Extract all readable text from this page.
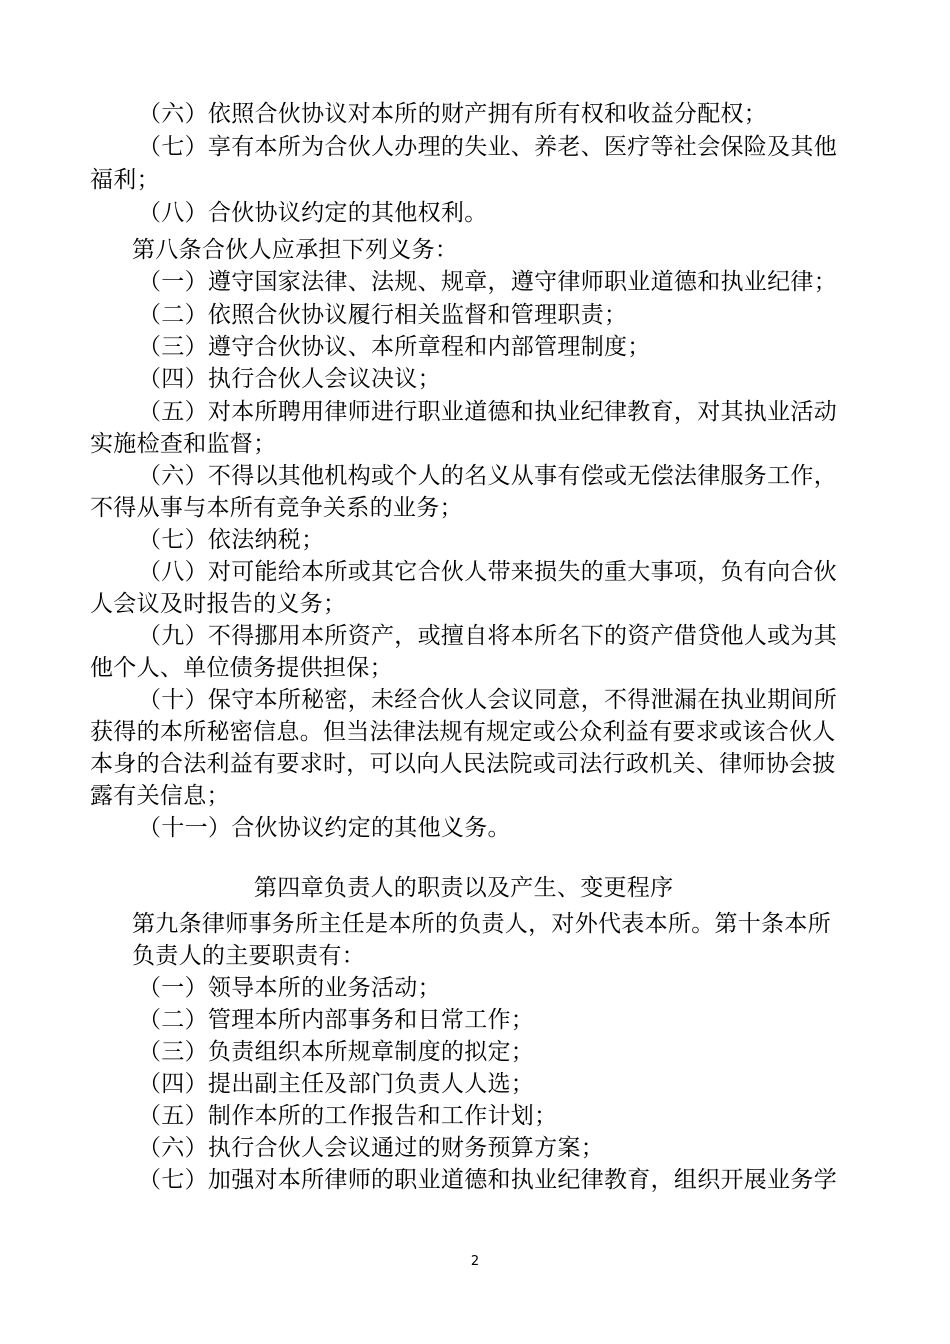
（六）依照合伙协议对本所的财产拥有所有权和收益分配权；
（七）享有本所为合伙人办理的失业、养老、医疗等社会保险及其他
福利；
（八）合伙协议约定的其他权利。
第八条合伙人应承担下列义务：
（一）遵守国家法律、法规、规章，遵守律师职业道德和执业纪律；
（二）依照合伙协议履行相关监督和管理职责；
（三）遵守合伙协议、本所章程和内部管理制度；
（四）执行合伙人会议决议；
（五）对本所聘用律师进行职业道德和执业纪律教育，对其执业活动
实施检查和监督；
（六）不得以其他机构或个人的名义从事有偿或无偿法律服务工作，
不得从事与本所有竞争关系的业务；
（七）依法纳税；
（八）对可能给本所或其它合伙人带来损失的重大事项，负有向合伙
人会议及时报告的义务；
（九）不得挪用本所资产，或擅自将本所名下的资产借贷他人或为其
他个人、单位债务提供担保；
（十）保守本所秘密，未经合伙人会议同意，不得泄漏在执业期间所
获得的本所秘密信息。但当法律法规有规定或公众利益有要求或该合伙人
本身的合法利益有要求时，可以向人民法院或司法行政机关、律师协会披
露有关信息；
（十一）合伙协议约定的其他义务。
第四章负责人的职责以及产生、变更程序
第九条律师事务所主任是本所的负责人，对外代表本所。第十条本所
负责人的主要职责有：
（一）领导本所的业务活动；
（二）管理本所内部事务和日常工作；
（三）负责组织本所规章制度的拟定；
（四）提出副主任及部门负责人人选；
（五）制作本所的工作报告和工作计划；
（六）执行合伙人会议通过的财务预算方案；
（七）加强对本所律师的职业道德和执业纪律教育，组织开展业务学
2
